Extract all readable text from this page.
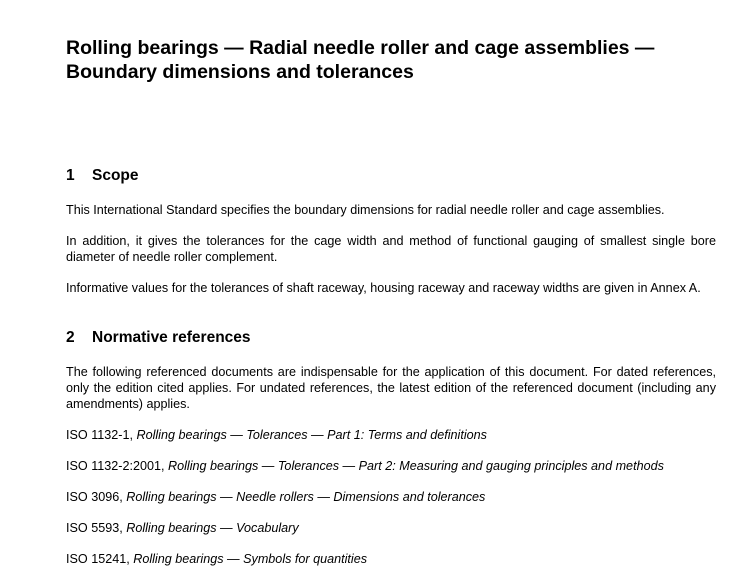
Rolling bearings — Radial needle roller and cage assemblies —
Boundary dimensions and tolerances
1	Scope

This International Standard specifies the boundary dimensions for radial needle roller and cage assemblies.

In addition, it gives the tolerances for the cage width and method of functional gauging of smallest single bore diameter of needle roller complement.

Informative values for the tolerances of shaft raceway, housing raceway and raceway widths are given in Annex A.

2	Normative references

The following referenced documents are indispensable for the application of this document. For dated references, only the edition cited applies. For undated references, the latest edition of the referenced document (including any amendments) applies.

ISO 1132-1, Rolling bearings — Tolerances — Part 1: Terms and definitions

ISO 1132-2:2001, Rolling bearings — Tolerances — Part 2: Measuring and gauging principles and methods

ISO 3096, Rolling bearings — Needle rollers — Dimensions and tolerances

ISO 5593, Rolling bearings — Vocabulary

ISO 15241, Rolling bearings — Symbols for quantities
